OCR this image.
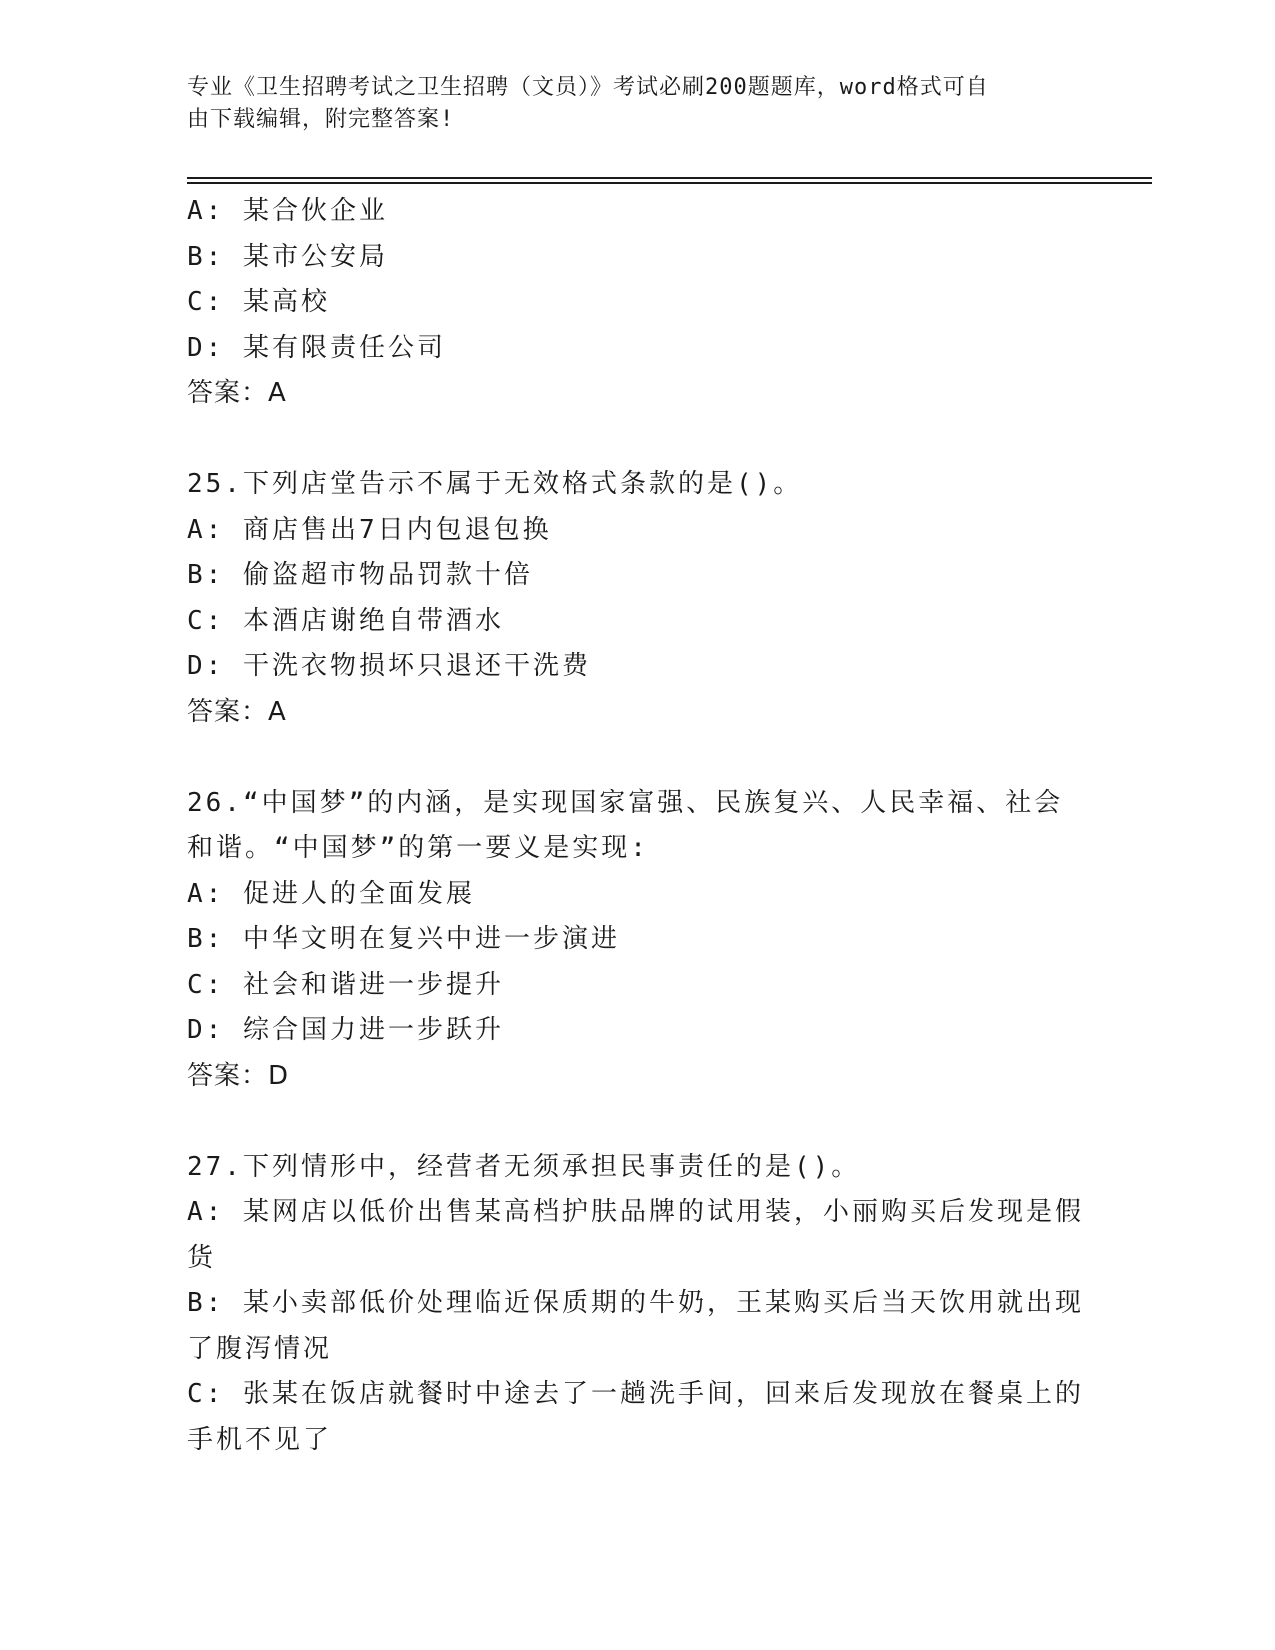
专业《卫生招聘考试之卫生招聘（文员）》考试必刷200题题库，word格式可自
由下载编辑，附完整答案!
A: 某合伙企业
B: 某市公安局
C: 某高校
D: 某有限责任公司
答案：A
25.下列店堂告示不属于无效格式条款的是()。
A: 商店售出7日内包退包换
B: 偷盗超市物品罚款十倍
C: 本酒店谢绝自带酒水
D: 干洗衣物损坏只退还干洗费
答案：A
26.“中国梦”的内涵，是实现国家富强、民族复兴、人民幸福、社会
和谐。“中国梦”的第一要义是实现:
A: 促进人的全面发展
B: 中华文明在复兴中进一步演进
C: 社会和谐进一步提升
D: 综合国力进一步跃升
答案：D
27.下列情形中，经营者无须承担民事责任的是()。
A: 某网店以低价出售某高档护肤品牌的试用装，小丽购买后发现是假
货
B: 某小卖部低价处理临近保质期的牛奶，王某购买后当天饮用就出现
了腹泻情况
C: 张某在饭店就餐时中途去了一趟洗手间，回来后发现放在餐桌上的
手机不见了
